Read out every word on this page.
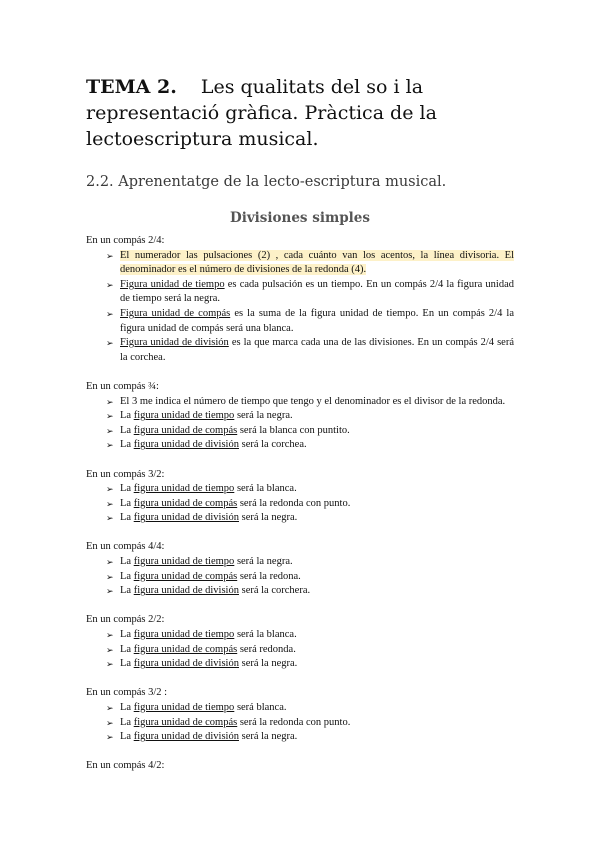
TEMA 2. Les qualitats del so i la representació gràfica. Pràctica de la lectoescriptura musical.
2.2. Aprenentatge de la lecto-escriptura musical.
Divisiones simples

En un compás 2/4:

➢ El numerador las pulsaciones (2) , cada cuánto van los acentos, la línea divisoria. El denominador es el número de divisiones de la redonda (4).
➢ Figura unidad de tiempo es cada pulsación es un tiempo. En un compás 2/4 la figura unidad de tiempo será la negra.
➢ Figura unidad de compás es la suma de la figura unidad de tiempo. En un compás 2/4 la figura unidad de compás será una blanca.
➢ Figura unidad de división es la que marca cada una de las divisiones. En un compás 2/4 será la corchea.

En un compás ¾:

➢ El 3 me indica el número de tiempo que tengo y el denominador es el divisor de la redonda.
➢ La figura unidad de tiempo será la negra.
➢ La figura unidad de compás será la blanca con puntito.
➢ La figura unidad de división será la corchea.

En un compás 3/2:

➢ La figura unidad de tiempo será la blanca.
➢ La figura unidad de compás será la redonda con punto.
➢ La figura unidad de división será la negra.

En un compás 4/4:

➢ La figura unidad de tiempo será la negra.
➢ La figura unidad de compás será la redona.
➢ La figura unidad de división será la corchera.

En un compás 2/2:

➢ La figura unidad de tiempo será la blanca.
➢ La figura unidad de compás será redonda.
➢ La figura unidad de división será la negra.

En un compás 3/2 :

➢ La figura unidad de tiempo será blanca.
➢ La figura unidad de compás será la redonda con punto.
➢ La figura unidad de división será la negra.

En un compás 4/2:
